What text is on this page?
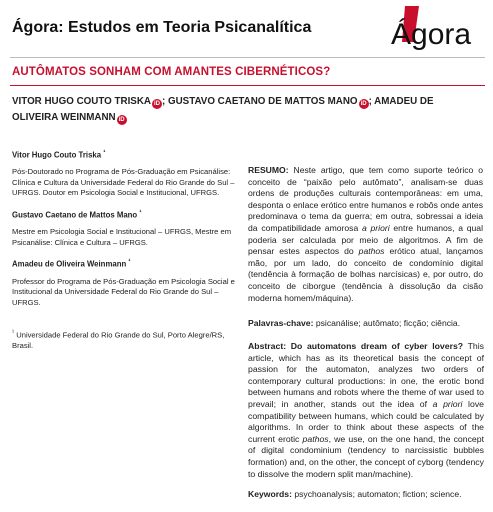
Ágora: Estudos em Teoria Psicanalítica	Ágora
AUTÔMATOS SONHAM COM AMANTES CIBERNÉTICOS?
VITOR HUGO COUTO TRISKA iD ; GUSTAVO CAETANO DE MATTOS MANO iD ; AMADEU DE OLIVEIRA WEINMANN iD
Vitor Hugo Couto Triska $^{^1}$
Pós-Doutorado no Programa de Pós-Graduação em Psicanálise: Clínica e Cultura da Universidade Federal do Rio Grande do Sul – UFRGS. Doutor em Psicologia Social e Institucional, UFRGS.
Gustavo Caetano de Mattos Mano $^{^1}$
Mestre em Psicologia Social e Institucional – UFRGS, Mestre em Psicanálise: Clínica e Cultura – UFRGS.
Amadeu de Oliveira Weinmann $^{^1}$
Professor do Programa de Pós-Graduação em Psicologia Social e Institucional da Universidade Federal do Rio Grande do Sul – UFRGS.
$^{^1}$ Universidade Federal do Rio Grande do Sul, Porto Alegre/RS, Brasil.
RESUMO: Neste artigo, que tem como suporte teórico o conceito de “paixão pelo autômato”, analisam-se duas ordens de produções culturais contemporâneas: em uma, desponta o enlace erótico entre humanos e robôs onde antes predominava o tema da guerra; em outra, sobressai a ideia da compatibilidade amorosa a priori entre humanos, a qual poderia ser calculada por meio de algoritmos. A fim de pensar estes aspectos do pathos erótico atual, lançamos mão, por um lado, do conceito de condomínio digital (tendência à formação de bolhas narcísicas) e, por outro, do conceito de ciborgue (tendência à dissolução da cisão moderna homem/máquina).
Palavras-chave: psicanálise; autômato; ficção; ciência.
Abstract: Do automatons dream of cyber lovers? This article, which has as its theoretical basis the concept of passion for the automaton, analyzes two orders of contemporary cultural productions: in one, the erotic bond between humans and robots where the theme of war used to prevail; in another, stands out the idea of a priori love compatibility between humans, which could be calculated by algorithms. In order to think about these aspects of the current erotic pathos, we use, on the one hand, the concept of digital condominium (tendency to narcissistic bubbles formation) and, on the other, the concept of cyborg (tendency to dissolve the modern split man/machine).
Keywords: psychoanalysis; automaton; fiction; science.
